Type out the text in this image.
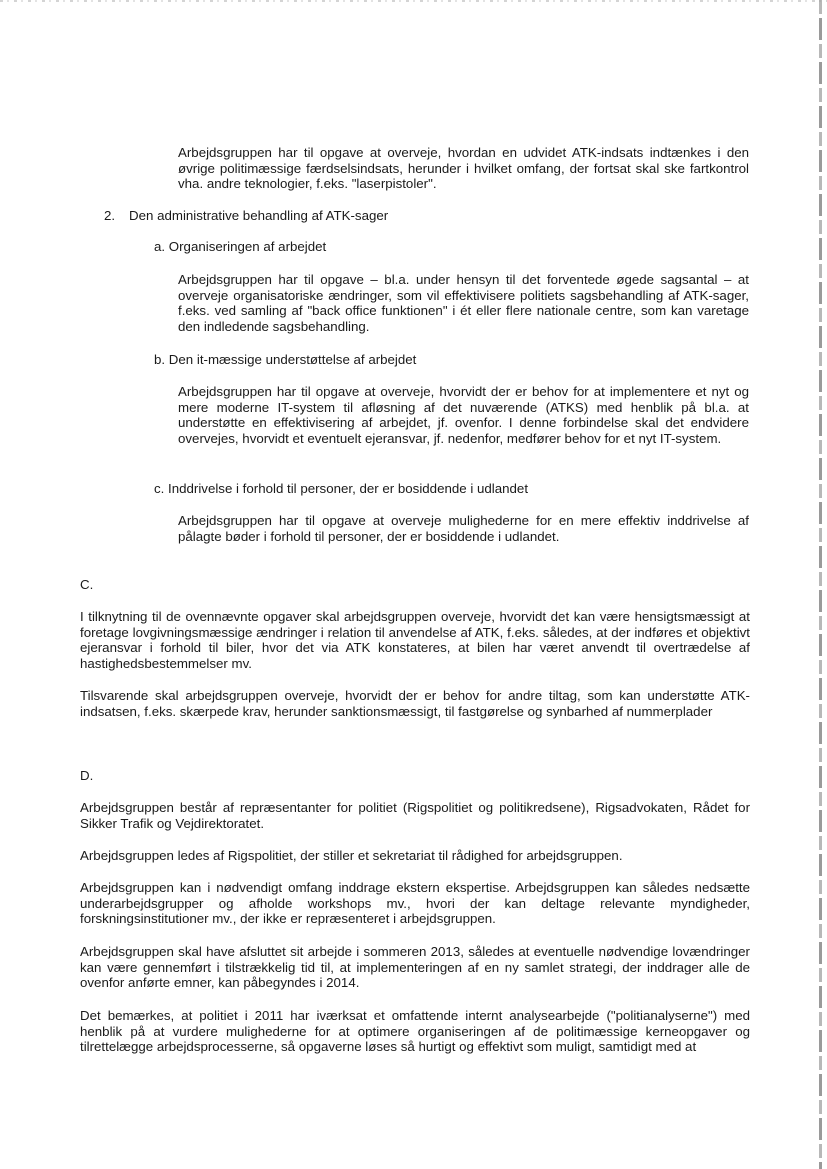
Arbejdsgruppen har til opgave at overveje, hvordan en udvidet ATK-indsats indtænkes i den øvrige politimæssige færdselsindsats, herunder i hvilket omfang, der fortsat skal ske fartkontrol vha. andre teknologier, f.eks. "laserpistoler".

2. Den administrative behandling af ATK-sager
a. Organiseringen af arbejdet

Arbejdsgruppen har til opgave – bl.a. under hensyn til det forventede øgede sagsantal – at overveje organisatoriske ændringer, som vil effektivisere politiets sagsbehandling af ATK-sager, f.eks. ved samling af "back office funktionen" i ét eller flere nationale centre, som kan varetage den indledende sagsbehandling.

b. Den it-mæssige understøttelse af arbejdet

Arbejdsgruppen har til opgave at overveje, hvorvidt der er behov for at implementere et nyt og mere moderne IT-system til afløsning af det nuværende (ATKS) med henblik på bl.a. at understøtte en effektivisering af arbejdet, jf. ovenfor. I denne forbindelse skal det endvidere overvejes, hvorvidt et eventuelt ejeransvar, jf. nedenfor, medfører behov for et nyt IT-system.

c. Inddrivelse i forhold til personer, der er bosiddende i udlandet

Arbejdsgruppen har til opgave at overveje mulighederne for en mere effektiv inddrivelse af pålagte bøder i forhold til personer, der er bosiddende i udlandet.

C.

I tilknytning til de ovennævnte opgaver skal arbejdsgruppen overveje, hvorvidt det kan være hensigtsmæssigt at foretage lovgivningsmæssige ændringer i relation til anvendelse af ATK, f.eks. således, at der indføres et objektivt ejeransvar i forhold til biler, hvor det via ATK konstateres, at bilen har været anvendt til overtrædelse af hastighedsbestemmelser mv.

Tilsvarende skal arbejdsgruppen overveje, hvorvidt der er behov for andre tiltag, som kan understøtte ATK-indsatsen, f.eks. skærpede krav, herunder sanktionsmæssigt, til fastgørelse og synbarhed af nummerplader

D.

Arbejdsgruppen består af repræsentanter for politiet (Rigspolitiet og politikredsene), Rigsadvokaten, Rådet for Sikker Trafik og Vejdirektoratet.

Arbejdsgruppen ledes af Rigspolitiet, der stiller et sekretariat til rådighed for arbejdsgruppen.

Arbejdsgruppen kan i nødvendigt omfang inddrage ekstern ekspertise. Arbejdsgruppen kan således nedsætte underarbejdsgrupper og afholde workshops mv., hvori der kan deltage relevante myndigheder, forskningsinstitutioner mv., der ikke er repræsenteret i arbejdsgruppen.

Arbejdsgruppen skal have afsluttet sit arbejde i sommeren 2013, således at eventuelle nødvendige lovændringer kan være gennemført i tilstrækkelig tid til, at implementeringen af en ny samlet strategi, der inddrager alle de ovenfor anførte emner, kan påbegyndes i 2014.

Det bemærkes, at politiet i 2011 har iværksat et omfattende internt analysearbejde ("politianalyserne") med henblik på at vurdere mulighederne for at optimere organiseringen af de politimæssige kerneopgaver og tilrettelægge arbejdsprocesserne, så opgaverne løses så hurtigt og effektivt som muligt, samtidigt med at
